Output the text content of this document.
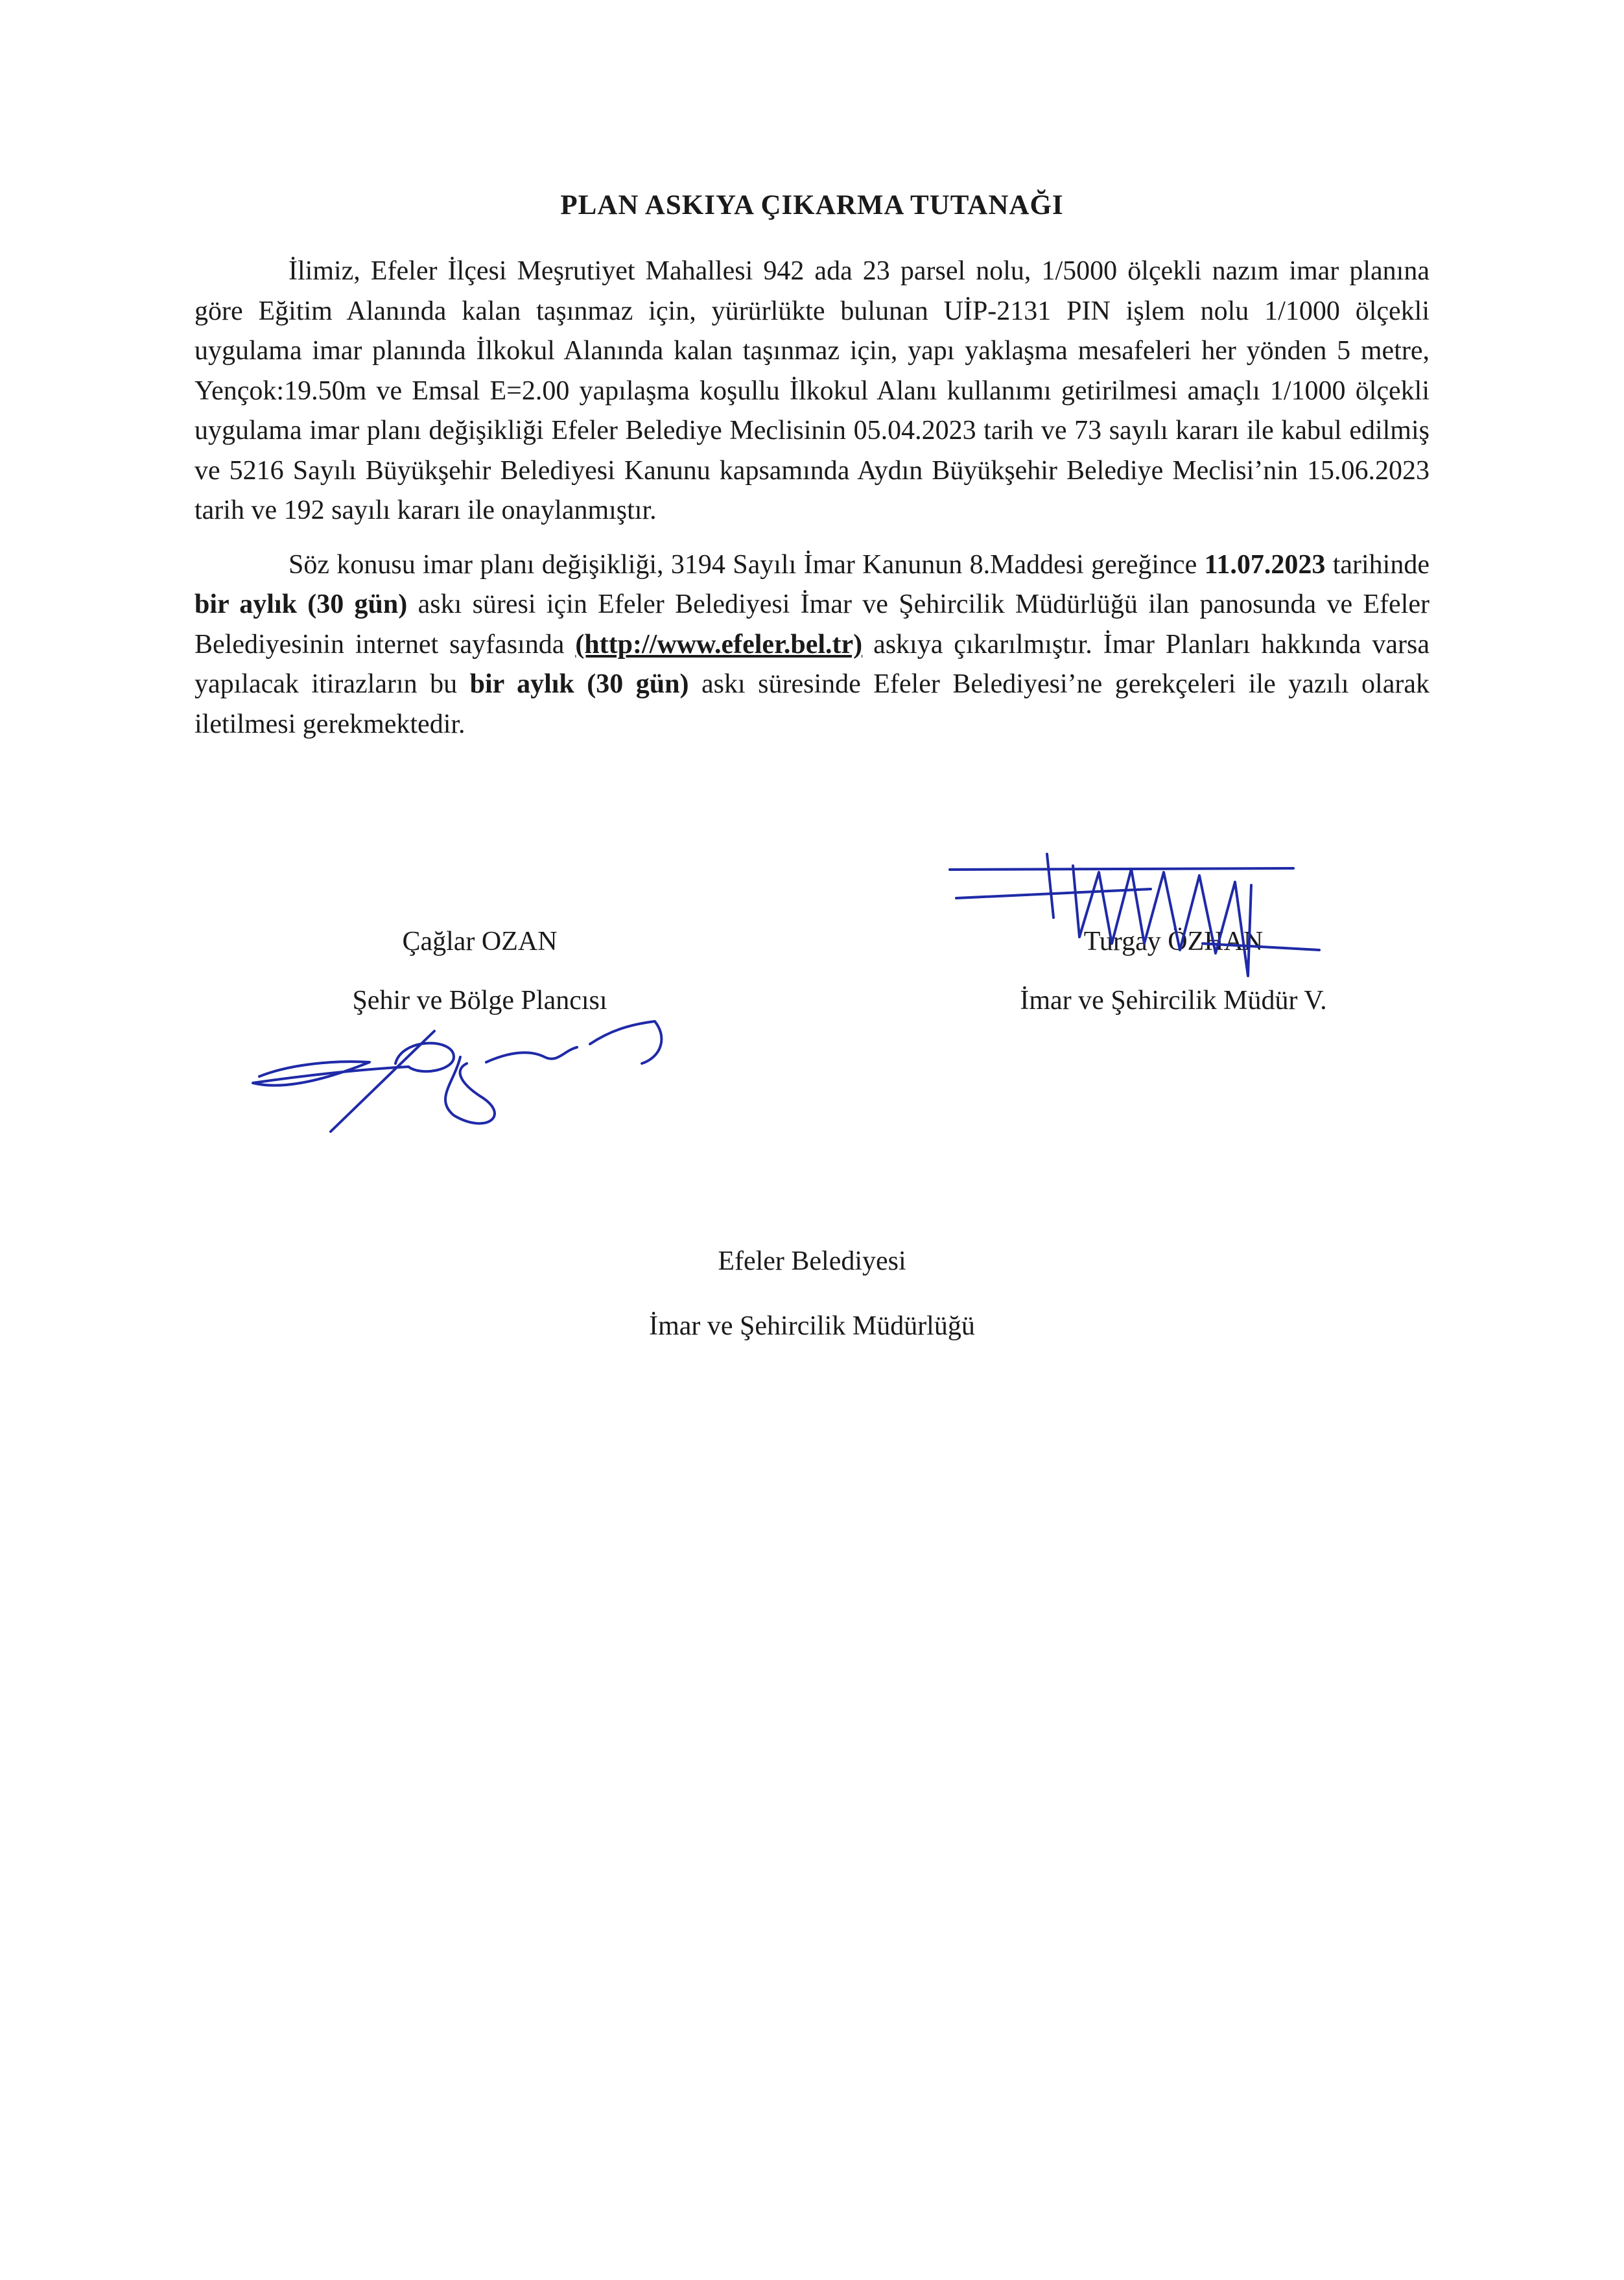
PLAN ASKIYA ÇIKARMA TUTANAĞI

İlimiz, Efeler İlçesi Meşrutiyet Mahallesi 942 ada 23 parsel nolu, 1/5000 ölçekli nazım imar planına göre Eğitim Alanında kalan taşınmaz için, yürürlükte bulunan UİP-2131 PIN işlem nolu 1/1000 ölçekli uygulama imar planında İlkokul Alanında kalan taşınmaz için, yapı yaklaşma mesafeleri her yönden 5 metre, Yençok:19.50m ve Emsal E=2.00 yapılaşma koşullu İlkokul Alanı kullanımı getirilmesi amaçlı 1/1000 ölçekli uygulama imar planı değişikliği Efeler Belediye Meclisinin 05.04.2023 tarih ve 73 sayılı kararı ile kabul edilmiş ve 5216 Sayılı Büyükşehir Belediyesi Kanunu kapsamında Aydın Büyükşehir Belediye Meclisi’nin 15.06.2023 tarih ve 192 sayılı kararı ile onaylanmıştır.

Söz konusu imar planı değişikliği, 3194 Sayılı İmar Kanunun 8.Maddesi gereğince 11.07.2023 tarihinde bir aylık (30 gün) askı süresi için Efeler Belediyesi İmar ve Şehircilik Müdürlüğü ilan panosunda ve Efeler Belediyesinin internet sayfasında (http://www.efeler.bel.tr) askıya çıkarılmıştır. İmar Planları hakkında varsa yapılacak itirazların bu bir aylık (30 gün) askı süresinde Efeler Belediyesi’ne gerekçeleri ile yazılı olarak iletilmesi gerekmektedir.

Çağlar OZAN
Şehir ve Bölge Plancısı
Turgay ÖZHAN
İmar ve Şehircilik Müdür V.
Efeler Belediyesi
İmar ve Şehircilik Müdürlüğü
